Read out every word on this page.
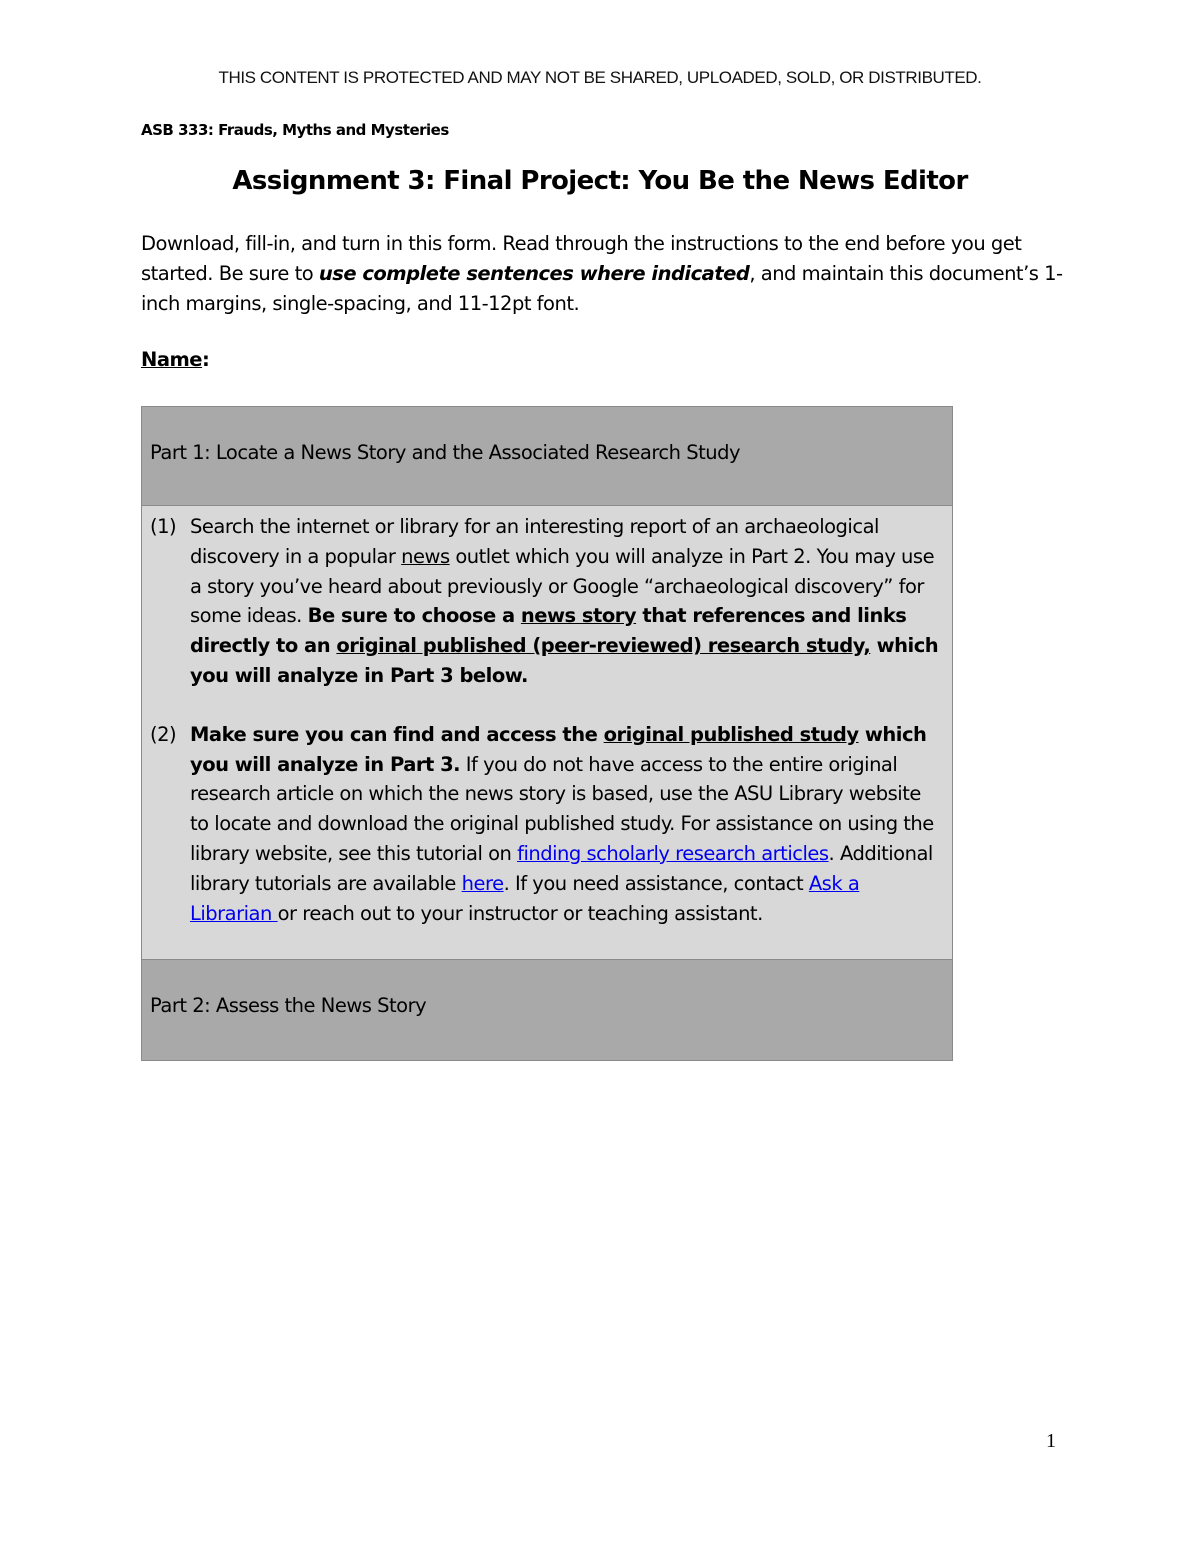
THIS CONTENT IS PROTECTED AND MAY NOT BE SHARED, UPLOADED, SOLD, OR DISTRIBUTED.
ASB 333: Frauds, Myths and Mysteries
Assignment 3: Final Project: You Be the News Editor
Download, fill-in, and turn in this form. Read through the instructions to the end before you get started. Be sure to use complete sentences where indicated, and maintain this document’s 1-inch margins, single-spacing, and 11-12pt font.
Name:
Part 1: Locate a News Story and the Associated Research Study
(1) Search the internet or library for an interesting report of an archaeological discovery in a popular news outlet which you will analyze in Part 2. You may use a story you’ve heard about previously or Google “archaeological discovery” for some ideas. Be sure to choose a news story that references and links directly to an original published (peer-reviewed) research study, which you will analyze in Part 3 below.
(2) Make sure you can find and access the original published study which you will analyze in Part 3. If you do not have access to the entire original research article on which the news story is based, use the ASU Library website to locate and download the original published study. For assistance on using the library website, see this tutorial on finding scholarly research articles. Additional library tutorials are available here. If you need assistance, contact Ask a Librarian or reach out to your instructor or teaching assistant.
Part 2: Assess the News Story
1
